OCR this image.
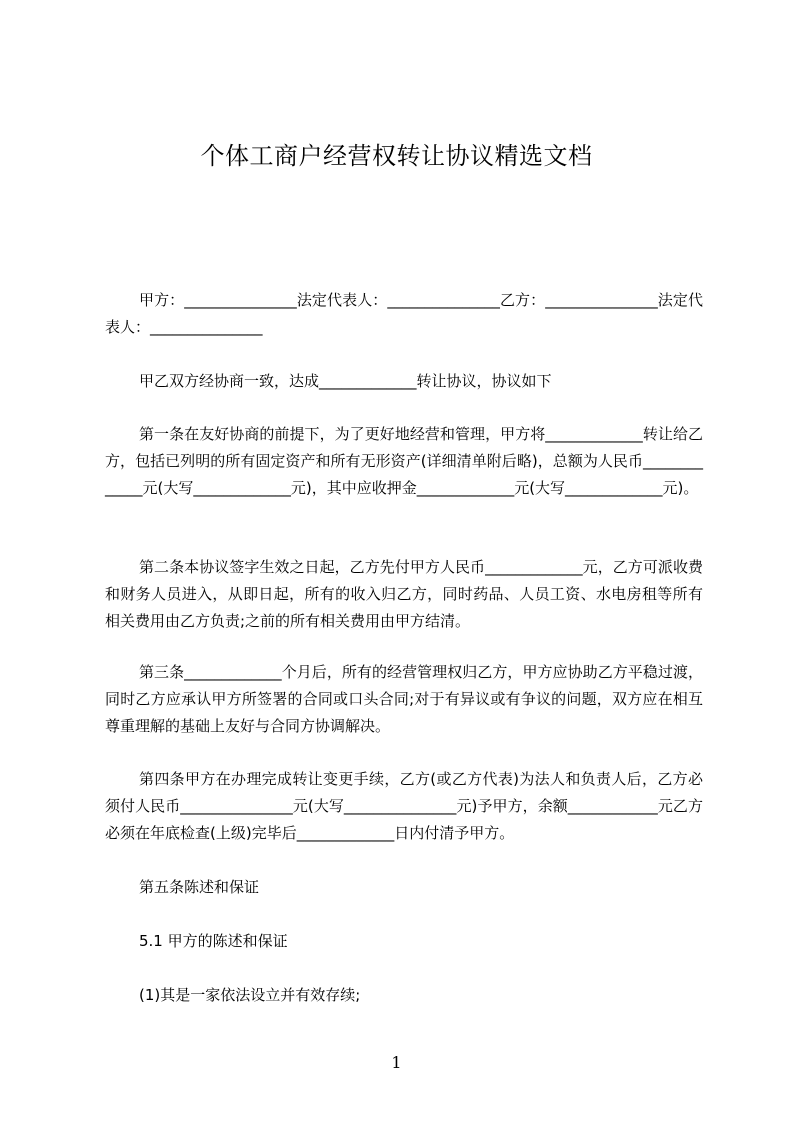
个体工商户经营权转让协议精选文档
甲方：_______________法定代表人：_______________乙方：_______________法定代表人：_______________
甲乙双方经协商一致，达成_____________转让协议，协议如下
第一条在友好协商的前提下，为了更好地经营和管理，甲方将_____________转让给乙方，包括已列明的所有固定资产和所有无形资产(详细清单附后略)，总额为人民币_____________元(大写_____________元)，其中应收押金_____________元(大写_____________元)。
第二条本协议签字生效之日起，乙方先付甲方人民币_____________元，乙方可派收费和财务人员进入，从即日起，所有的收入归乙方，同时药品、人员工资、水电房租等所有相关费用由乙方负责;之前的所有相关费用由甲方结清。
第三条_____________个月后，所有的经营管理权归乙方，甲方应协助乙方平稳过渡，同时乙方应承认甲方所签署的合同或口头合同;对于有异议或有争议的问题，双方应在相互尊重理解的基础上友好与合同方协调解决。
第四条甲方在办理完成转让变更手续，乙方(或乙方代表)为法人和负责人后，乙方必须付人民币_______________元(大写_______________元)予甲方，余额____________元乙方必须在年底检查(上级)完毕后_____________日内付清予甲方。
第五条陈述和保证
5.1 甲方的陈述和保证
(1)其是一家依法设立并有效存续;
1
